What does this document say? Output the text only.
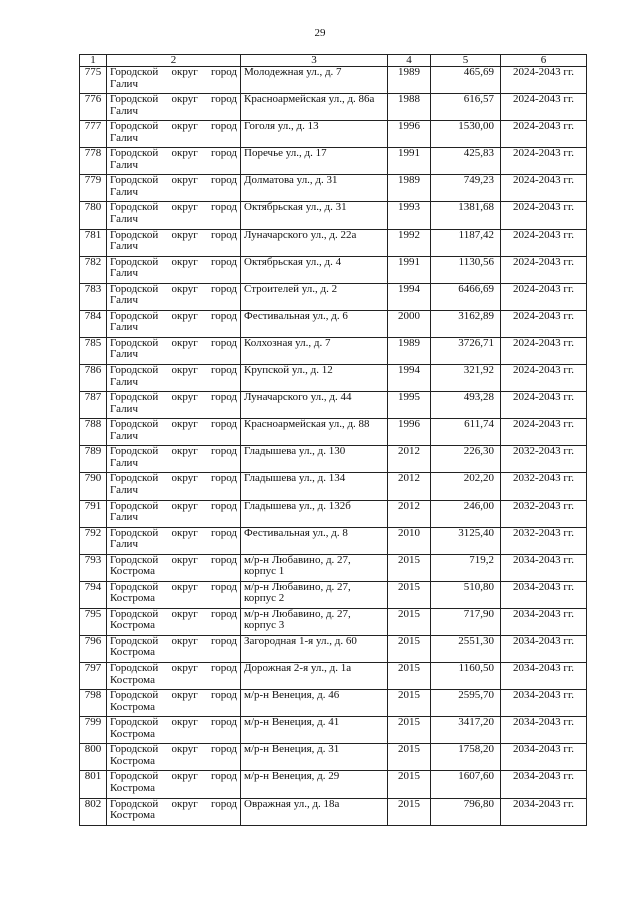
29
1	2	3	4	5	6
775	Городской округ город Галич	Молодежная ул., д. 7	1989	465,69	2024-2043 гг.
776	Городской округ город Галич	Красноармейская ул., д. 86а	1988	616,57	2024-2043 гг.
777	Городской округ город Галич	Гоголя ул., д. 13	1996	1530,00	2024-2043 гг.
778	Городской округ город Галич	Поречье ул., д. 17	1991	425,83	2024-2043 гг.
779	Городской округ город Галич	Долматова ул., д. 31	1989	749,23	2024-2043 гг.
780	Городской округ город Галич	Октябрьская ул., д. 31	1993	1381,68	2024-2043 гг.
781	Городской округ город Галич	Луначарского ул., д. 22а	1992	1187,42	2024-2043 гг.
782	Городской округ город Галич	Октябрьская ул., д. 4	1991	1130,56	2024-2043 гг.
783	Городской округ город Галич	Строителей ул., д. 2	1994	6466,69	2024-2043 гг.
784	Городской округ город Галич	Фестивальная ул., д. 6	2000	3162,89	2024-2043 гг.
785	Городской округ город Галич	Колхозная ул., д. 7	1989	3726,71	2024-2043 гг.
786	Городской округ город Галич	Крупской ул., д. 12	1994	321,92	2024-2043 гг.
787	Городской округ город Галич	Луначарского ул., д. 44	1995	493,28	2024-2043 гг.
788	Городской округ город Галич	Красноармейская ул., д. 88	1996	611,74	2024-2043 гг.
789	Городской округ город Галич	Гладышева ул., д. 130	2012	226,30	2032-2043 гг.
790	Городской округ город Галич	Гладышева ул., д. 134	2012	202,20	2032-2043 гг.
791	Городской округ город Галич	Гладышева ул., д. 132б	2012	246,00	2032-2043 гг.
792	Городской округ город Галич	Фестивальная ул., д. 8	2010	3125,40	2032-2043 гг.
793	Городской округ город Кострома	м/р-н Любавино, д. 27, корпус 1	2015	719,2	2034-2043 гг.
794	Городской округ город Кострома	м/р-н Любавино, д. 27, корпус 2	2015	510,80	2034-2043 гг.
795	Городской округ город Кострома	м/р-н Любавино, д. 27, корпус 3	2015	717,90	2034-2043 гг.
796	Городской округ город Кострома	Загородная 1-я ул., д. 60	2015	2551,30	2034-2043 гг.
797	Городской округ город Кострома	Дорожная 2-я ул., д. 1а	2015	1160,50	2034-2043 гг.
798	Городской округ город Кострома	м/р-н Венеция, д. 46	2015	2595,70	2034-2043 гг.
799	Городской округ город Кострома	м/р-н Венеция, д. 41	2015	3417,20	2034-2043 гг.
800	Городской округ город Кострома	м/р-н Венеция, д. 31	2015	1758,20	2034-2043 гг.
801	Городской округ город Кострома	м/р-н Венеция, д. 29	2015	1607,60	2034-2043 гг.
802	Городской округ город Кострома	Овражная ул., д. 18а	2015	796,80	2034-2043 гг.
